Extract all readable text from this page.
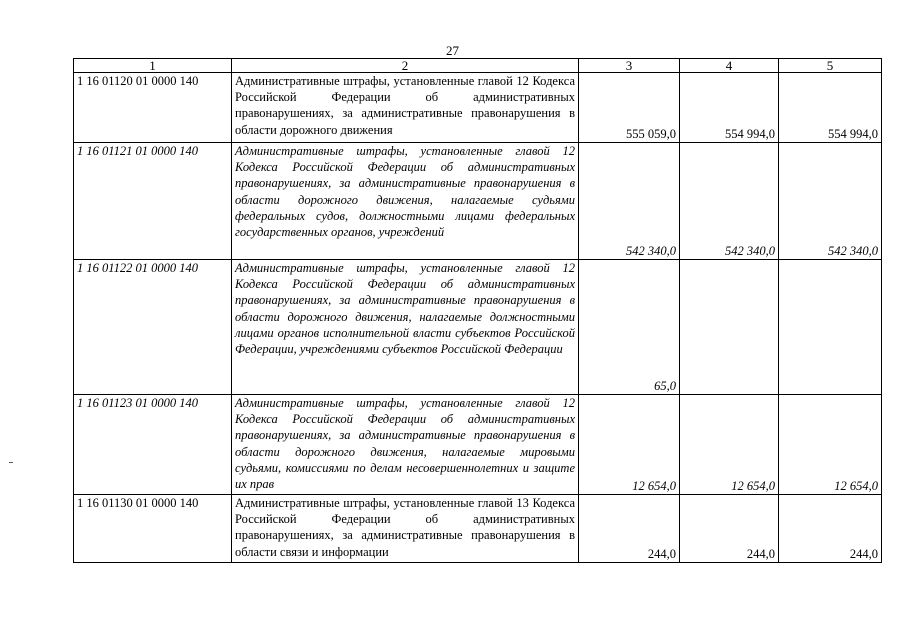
27
1	2	3	4	5
1 16 01120 01 0000 140	Административные штрафы, установленные главой 12 Кодекса Российской Федерации об административных правонарушениях, за административные правонарушения в области дорожного движения	555 059,0	554 994,0	554 994,0
1 16 01121 01 0000 140	Административные штрафы, установленные главой 12 Кодекса Российской Федерации об административных правонарушениях, за административные правонарушения в области дорожного движения, налагаемые судьями федеральных судов, должностными лицами федеральных государственных органов, учреждений	542 340,0	542 340,0	542 340,0
1 16 01122 01 0000 140	Административные штрафы, установленные главой 12 Кодекса Российской Федерации об административных правонарушениях, за административные правонарушения в области дорожного движения, налагаемые должностными лицами органов исполнительной власти субъектов Российской Федерации, учреждениями субъектов Российской Федерации	65,0		
1 16 01123 01 0000 140	Административные штрафы, установленные главой 12 Кодекса Российской Федерации об административных правонарушениях, за административные правонарушения в области дорожного движения, налагаемые мировыми судьями, комиссиями по делам несовершеннолетних и защите их прав	12 654,0	12 654,0	12 654,0
1 16 01130 01 0000 140	Административные штрафы, установленные главой 13 Кодекса Российской Федерации об административных правонарушениях, за административные правонарушения в области связи и информации	244,0	244,0	244,0
